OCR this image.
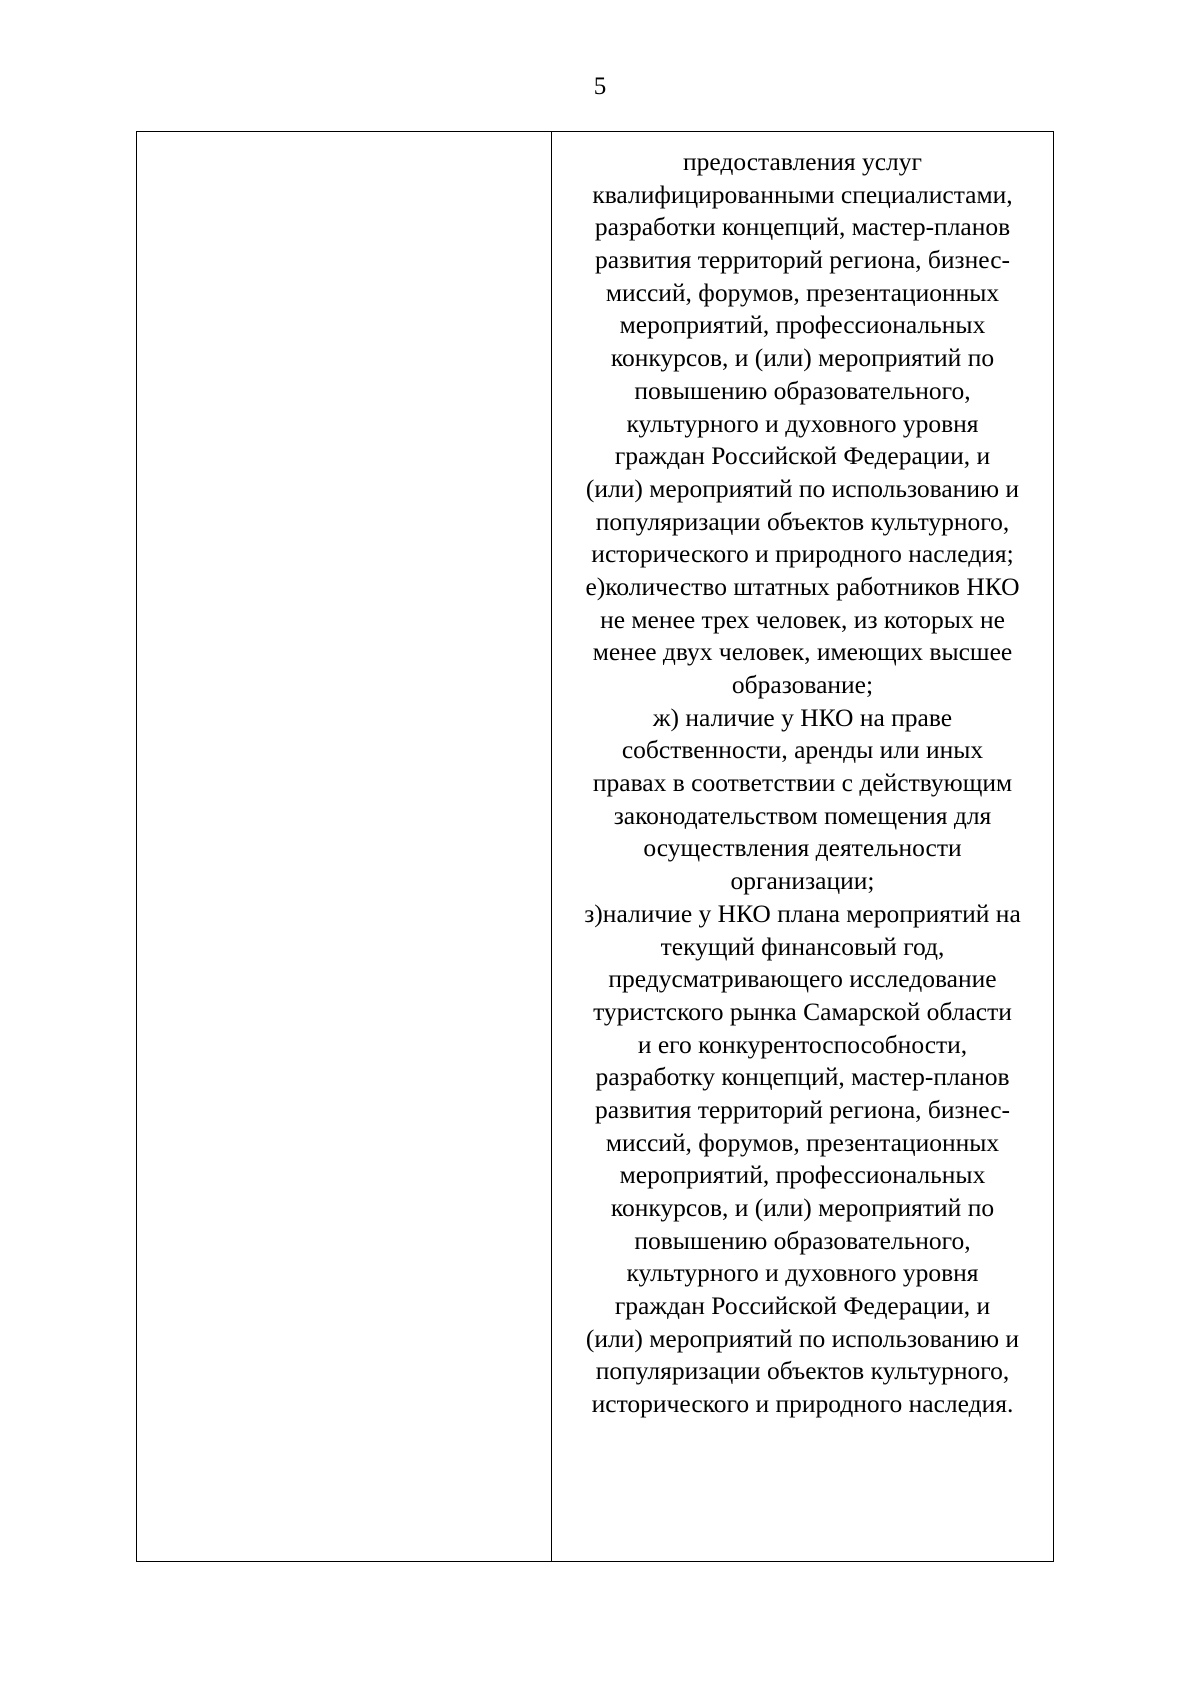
5
предоставления услуг
квалифицированными специалистами,
разработки концепций, мастер-планов
развития территорий региона, бизнес-
миссий, форумов, презентационных
мероприятий, профессиональных
конкурсов, и (или) мероприятий по
повышению образовательного,
культурного и духовного уровня
граждан Российской Федерации, и
(или) мероприятий по использованию и
популяризации объектов культурного,
исторического и природного наследия;
е)количество штатных работников НКО
не менее трех человек, из которых не
менее двух человек, имеющих высшее
образование;
ж) наличие у НКО на праве
собственности, аренды или иных
правах в соответствии с действующим
законодательством помещения для
осуществления деятельности
организации;
з)наличие у НКО плана мероприятий на
текущий финансовый год,
предусматривающего исследование
туристского рынка Самарской области
и его конкурентоспособности,
разработку концепций, мастер-планов
развития территорий региона, бизнес-
миссий, форумов, презентационных
мероприятий, профессиональных
конкурсов, и (или) мероприятий по
повышению образовательного,
культурного и духовного уровня
граждан Российской Федерации, и
(или) мероприятий по использованию и
популяризации объектов культурного,
исторического и природного наследия.
